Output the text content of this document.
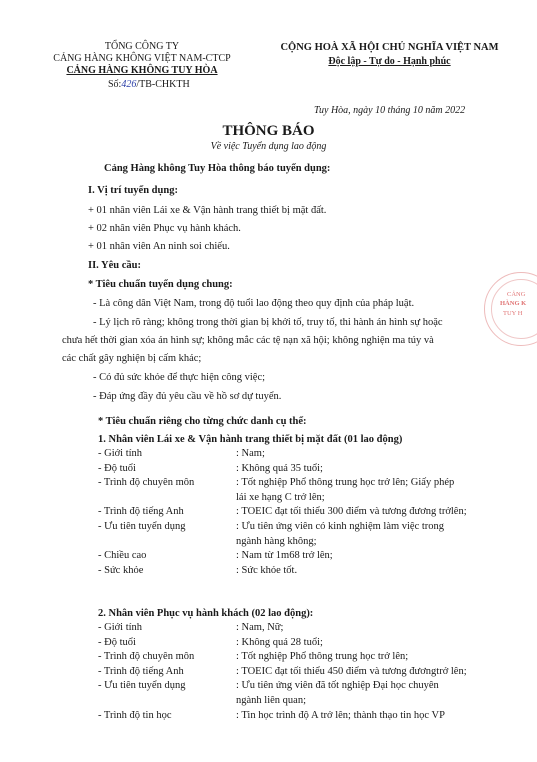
TỔNG CÔNG TY
CẢNG HÀNG KHÔNG VIỆT NAM-CTCP
CẢNG HÀNG KHÔNG TUY HÒA
Số:426/TB-CHKTH
CỘNG HOÀ XÃ HỘI CHỦ NGHĨA VIỆT NAM
Độc lập - Tự do - Hạnh phúc
Tuy Hòa, ngày 10 tháng 10 năm 2022
THÔNG BÁO
Về việc Tuyển dụng lao động
Cảng Hàng không Tuy Hòa thông báo tuyển dụng:
I. Vị trí tuyển dụng:
+ 01 nhân viên Lái xe & Vận hành trang thiết bị mặt đất.
+ 02 nhân viên Phục vụ hành khách.
+ 01 nhân viên An ninh soi chiếu.
II. Yêu cầu:
* Tiêu chuẩn tuyển dụng chung:
- Là công dân Việt Nam, trong độ tuổi lao động theo quy định của pháp luật.
- Lý lịch rõ ràng; không trong thời gian bị khởi tố, truy tố, thi hành án hình sự hoặc
chưa hết thời gian xóa án hình sự; không mắc các tệ nạn xã hội; không nghiện ma túy và
các chất gây nghiện bị cấm khác;
- Có đủ sức khỏe để thực hiện công việc;
- Đáp ứng đầy đủ yêu cầu về hồ sơ dự tuyển.
* Tiêu chuẩn riêng cho từng chức danh cụ thể:
1. Nhân viên Lái xe & Vận hành trang thiết bị mặt đất (01 lao động)
- Giới tính	: Nam;
- Độ tuổi	: Không quá 35 tuổi;
- Trình độ chuyên môn	: Tốt nghiệp Phổ thông trung học trở lên; Giấy phép
lái xe hạng C trở lên;
- Trình độ tiếng Anh	: TOEIC đạt tối thiểu 300 điểm và tương đương trởlên;
- Ưu tiên tuyển dụng	: Ưu tiên ứng viên có kinh nghiệm làm việc trong
ngành hàng không;
- Chiều cao	: Nam từ 1m68 trở lên;
- Sức khỏe	: Sức khỏe tốt.
2. Nhân viên Phục vụ hành khách (02 lao động):
- Giới tính	: Nam, Nữ;
- Độ tuổi	: Không quá 28 tuổi;
- Trình độ chuyên môn	: Tốt nghiệp Phổ thông trung học trở lên;
- Trình độ tiếng Anh	: TOEIC đạt tối thiểu 450 điểm và tương đươngtrở lên;
- Ưu tiên tuyển dụng	: Ưu tiên ứng viên đã tốt nghiệp Đại học chuyên
ngành liên quan;
- Trình độ tin học	: Tin học trình độ A trở lên; thành thạo tin học VP
CẢNG
HÀNG K
TUY H
